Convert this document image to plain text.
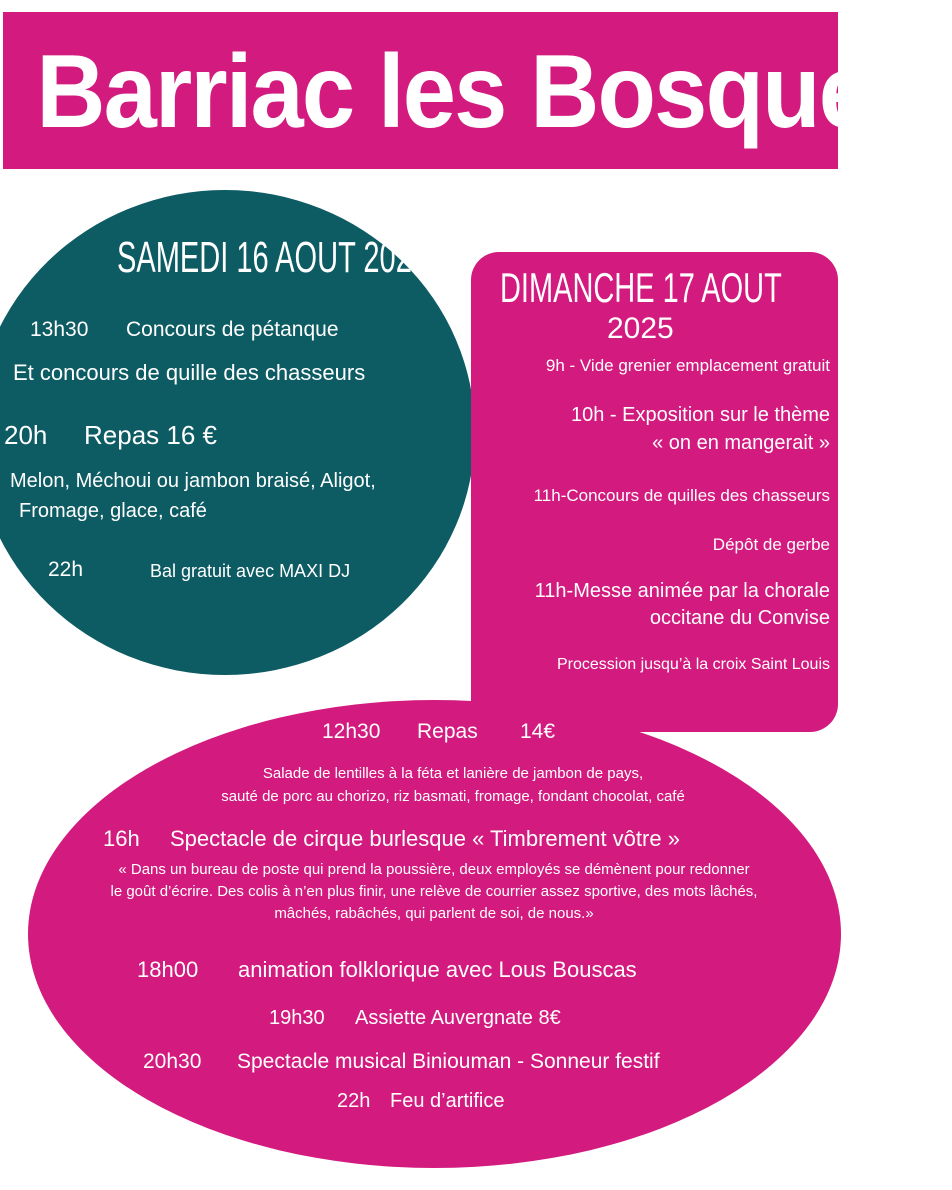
Barriac les Bosquets
SAMEDI 16 AOUT 2025
13h30 Concours de pétanque
Et concours de quille des chasseurs
20h Repas 16 €
Melon, Méchoui ou jambon braisé, Aligot,
Fromage, glace, café
22h	Bal gratuit avec MAXI DJ
DIMANCHE 17 AOUT
2025
9h - Vide grenier emplacement gratuit
10h - Exposition sur le thème
« on en mangerait »
11h-Concours de quilles des chasseurs
Dépôt de gerbe
11h-Messe animée par la chorale
occitane du Convise
Procession jusqu’à la croix Saint Louis
12h30 Repas 14€
Salade de lentilles à la féta et lanière de jambon de pays,
sauté de porc au chorizo, riz basmati, fromage, fondant chocolat, café
16h Spectacle de cirque burlesque « Timbrement vôtre »
« Dans un bureau de poste qui prend la poussière, deux employés se démènent pour redonner
le goût d’écrire. Des colis à n’en plus finir, une relève de courrier assez sportive, des mots lâchés,
mâchés, rabâchés, qui parlent de soi, de nous.»
18h00 animation folklorique avec Lous Bouscas
19h30 Assiette Auvergnate 8€
20h30 Spectacle musical Biniouman - Sonneur festif
22h Feu d’artifice
